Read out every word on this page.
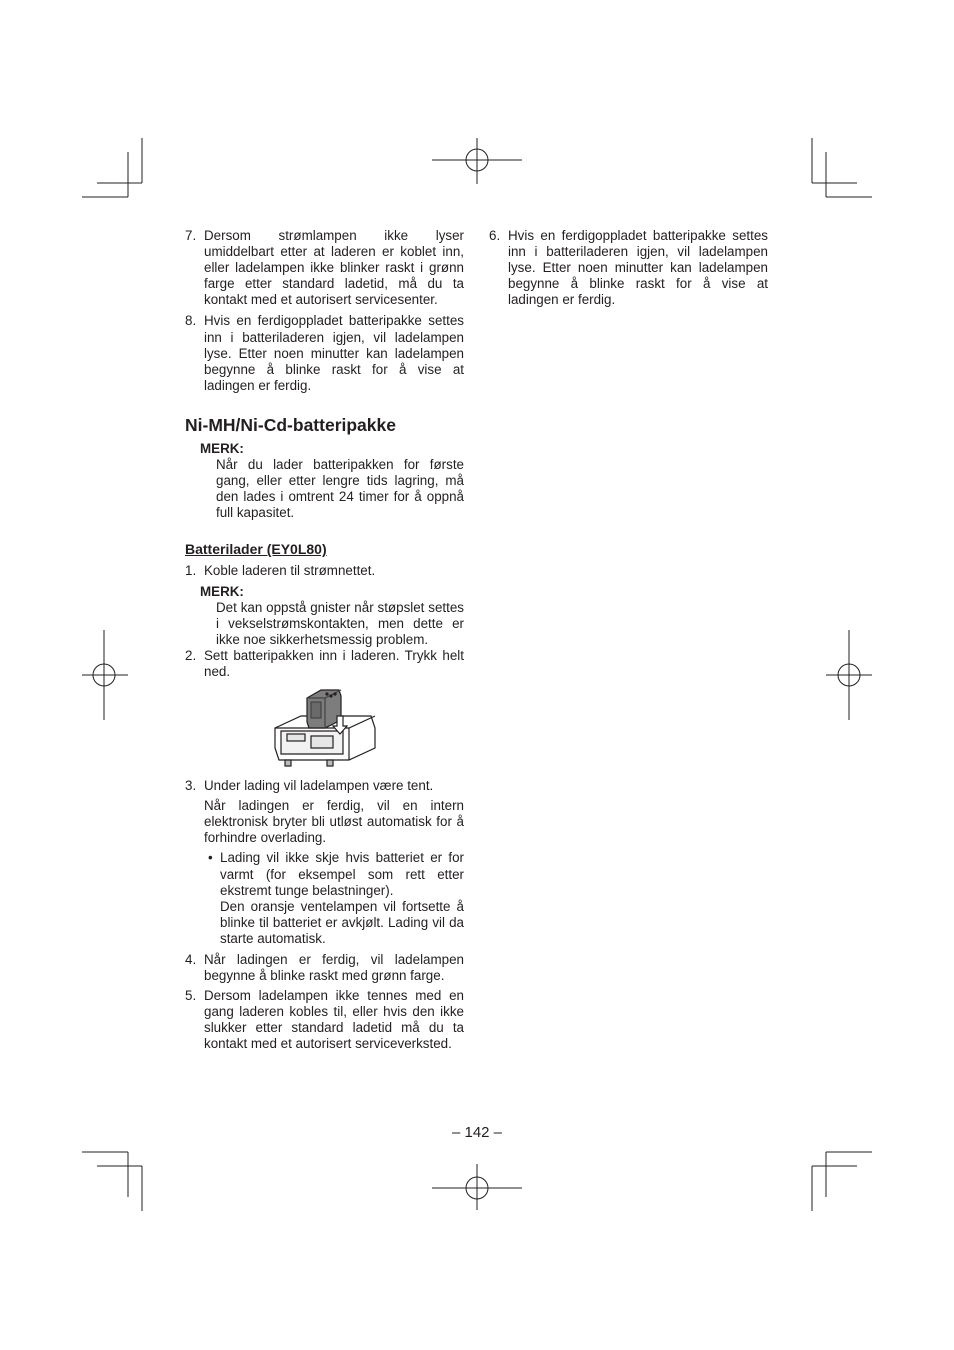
7. Dersom strømlampen ikke lyser umiddelbart etter at laderen er koblet inn, eller ladelampen ikke blinker raskt i grønn farge etter standard ladetid, må du ta kontakt med et autorisert servicesenter.
8. Hvis en ferdigoppladet batteripakke settes inn i batteriladeren igjen, vil ladelampen lyse. Etter noen minutter kan ladelampen begynne å blinke raskt for å vise at ladingen er ferdig.
Ni-MH/Ni-Cd-batteripakke
MERK:
Når du lader batteripakken for første gang, eller etter lengre tids lagring, må den lades i omtrent 24 timer for å oppnå full kapasitet.
Batterilader (EY0L80)
1. Koble laderen til strømnettet.
MERK:
Det kan oppstå gnister når støpslet settes i vekselstrømskontakten, men dette er ikke noe sikkerhetsmessig problem.
2. Sett batteripakken inn i laderen. Trykk helt ned.
3. Under lading vil ladelampen være tent.
Når ladingen er ferdig, vil en intern elektronisk bryter bli utløst automatisk for å forhindre overlading.
• Lading vil ikke skje hvis batteriet er for varmt (for eksempel som rett etter ekstremt tunge belastninger).
Den oransje ventelampen vil fortsette å blinke til batteriet er avkjølt. Lading vil da starte automatisk.
4. Når ladingen er ferdig, vil ladelampen begynne å blinke raskt med grønn farge.
5. Dersom ladelampen ikke tennes med en gang laderen kobles til, eller hvis den ikke slukker etter standard ladetid må du ta kontakt med et autorisert serviceverksted.
6. Hvis en ferdigoppladet batteripakke settes inn i batteriladeren igjen, vil ladelampen lyse. Etter noen minutter kan ladelampen begynne å blinke raskt for å vise at ladingen er ferdig.
– 142 –
